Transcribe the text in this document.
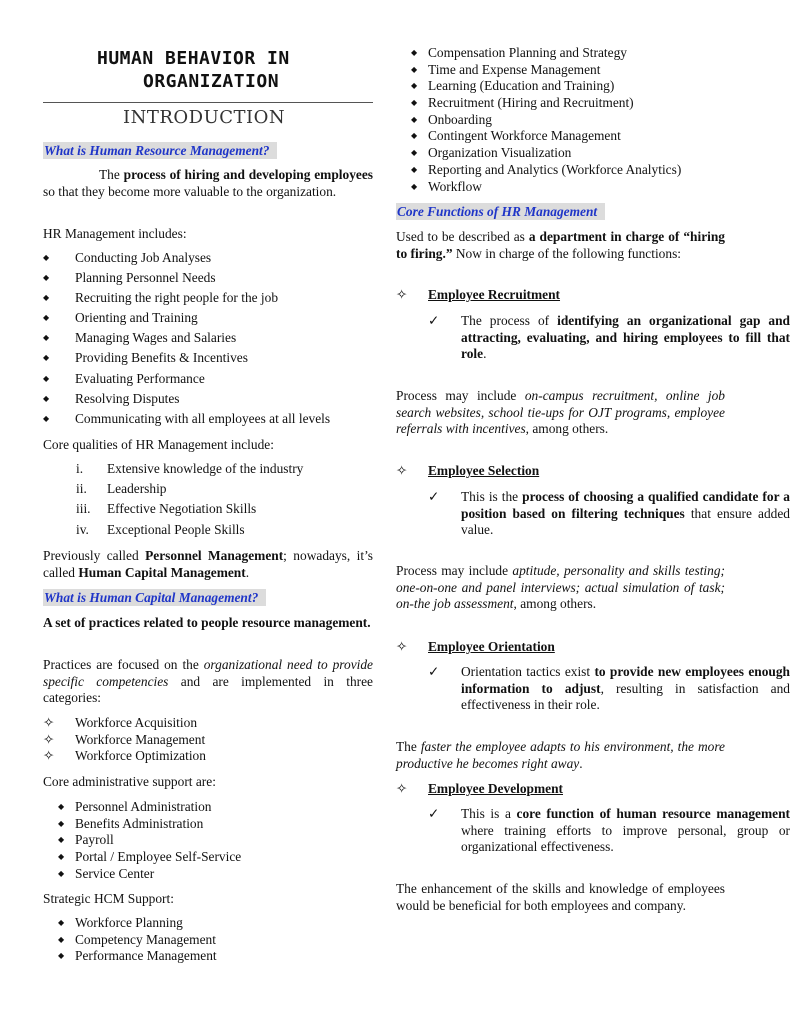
HUMAN BEHAVIOR IN
ORGANIZATION
INTRODUCTION
What is Human Resource Management?

The process of hiring and developing employees so that they become more valuable to the organization.

HR Management includes:

◆ Conducting Job Analyses
◆ Planning Personnel Needs
◆ Recruiting the right people for the job
◆ Orienting and Training
◆ Managing Wages and Salaries
◆ Providing Benefits & Incentives
◆ Evaluating Performance
◆ Resolving Disputes
◆ Communicating with all employees at all levels

Core qualities of HR Management include:

i. Extensive knowledge of the industry
ii. Leadership
iii. Effective Negotiation Skills
iv. Exceptional People Skills

Previously called Personnel Management; nowadays, it’s called Human Capital Management.

What is Human Capital Management?

A set of practices related to people resource management.

Practices are focused on the organizational need to provide specific competencies and are implemented in three categories:

✧ Workforce Acquisition
✧ Workforce Management
✧ Workforce Optimization

Core administrative support are:

◆ Personnel Administration
◆ Benefits Administration
◆ Payroll
◆ Portal / Employee Self-Service
◆ Service Center

Strategic HCM Support:

◆ Workforce Planning
◆ Competency Management
◆ Performance Management
◆ Compensation Planning and Strategy
◆ Time and Expense Management
◆ Learning (Education and Training)
◆ Recruitment (Hiring and Recruitment)
◆ Onboarding
◆ Contingent Workforce Management
◆ Organization Visualization
◆ Reporting and Analytics (Workforce Analytics)
◆ Workflow
Core Functions of HR Management

Used to be described as a department in charge of “hiring to firing.” Now in charge of the following functions:

✧ Employee Recruitment

✓ The process of identifying an organizational gap and attracting, evaluating, and hiring employees to fill that role.

Process may include on-campus recruitment, online job search websites, school tie-ups for OJT programs, employee referrals with incentives, among others.

✧ Employee Selection

✓ This is the process of choosing a qualified candidate for a position based on filtering techniques that ensure added value.

Process may include aptitude, personality and skills testing; one-on-one and panel interviews; actual simulation of task; on-the job assessment, among others.

✧ Employee Orientation

✓ Orientation tactics exist to provide new employees enough information to adjust, resulting in satisfaction and effectiveness in their role.

The faster the employee adapts to his environment, the more productive he becomes right away.

✧ Employee Development

✓ This is a core function of human resource management where training efforts to improve personal, group or organizational effectiveness.

The enhancement of the skills and knowledge of employees would be beneficial for both employees and company.
